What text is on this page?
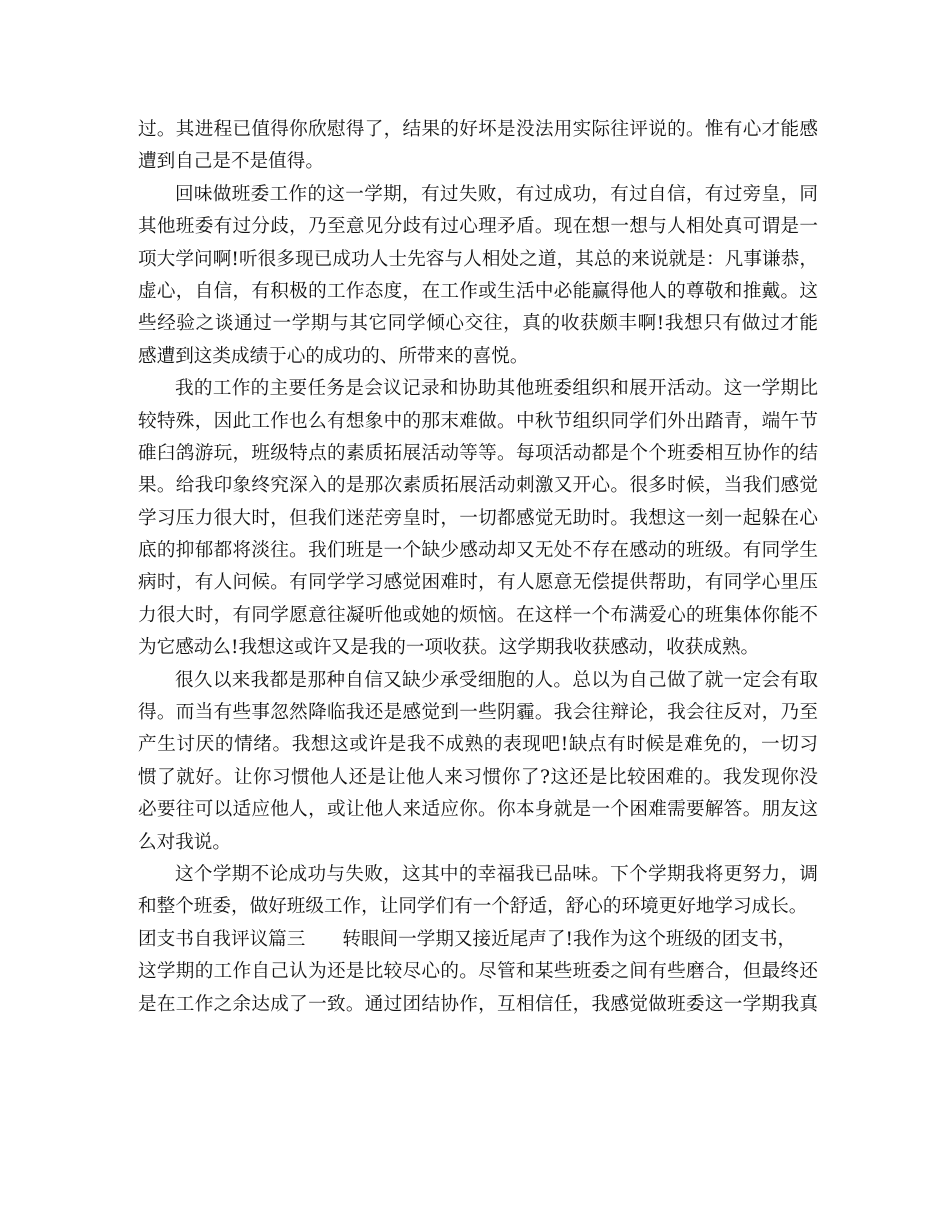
过。其进程已值得你欣慰得了，结果的好坏是没法用实际往评说的。惟有心才能感
遭到自己是不是值得。
回味做班委工作的这一学期，有过失败，有过成功，有过自信，有过旁皇，同
其他班委有过分歧，乃至意见分歧有过心理矛盾。现在想一想与人相处真可谓是一
项大学问啊!听很多现已成功人士先容与人相处之道，其总的来说就是：凡事谦恭，
虚心，自信，有积极的工作态度，在工作或生活中必能赢得他人的尊敬和推戴。这
些经验之谈通过一学期与其它同学倾心交往，真的收获颇丰啊!我想只有做过才能
感遭到这类成绩于心的成功的、所带来的喜悦。
我的工作的主要任务是会议记录和协助其他班委组织和展开活动。这一学期比
较特殊，因此工作也么有想象中的那末难做。中秋节组织同学们外出踏青，端午节
碓臼鸽游玩，班级特点的素质拓展活动等等。每项活动都是个个班委相互协作的结
果。给我印象终究深入的是那次素质拓展活动刺激又开心。很多时候，当我们感觉
学习压力很大时，但我们迷茫旁皇时，一切都感觉无助时。我想这一刻一起躲在心
底的抑郁都将淡往。我们班是一个缺少感动却又无处不存在感动的班级。有同学生
病时，有人问候。有同学学习感觉困难时，有人愿意无偿提供帮助，有同学心里压
力很大时，有同学愿意往凝听他或她的烦恼。在这样一个布满爱心的班集体你能不
为它感动么!我想这或许又是我的一项收获。这学期我收获感动，收获成熟。
很久以来我都是那种自信又缺少承受细胞的人。总以为自己做了就一定会有取
得。而当有些事忽然降临我还是感觉到一些阴霾。我会往辩论，我会往反对，乃至
产生讨厌的情绪。我想这或许是我不成熟的表现吧!缺点有时候是难免的，一切习
惯了就好。让你习惯他人还是让他人来习惯你了?这还是比较困难的。我发现你没
必要往可以适应他人，或让他人来适应你。你本身就是一个困难需要解答。朋友这
么对我说。
这个学期不论成功与失败，这其中的幸福我已品味。下个学期我将更努力，调
和整个班委，做好班级工作，让同学们有一个舒适，舒心的环境更好地学习成长。
团支书自我评议篇三 转眼间一学期又接近尾声了!我作为这个班级的团支书，
这学期的工作自己认为还是比较尽心的。尽管和某些班委之间有些磨合，但最终还
是在工作之余达成了一致。通过团结协作，互相信任，我感觉做班委这一学期我真
